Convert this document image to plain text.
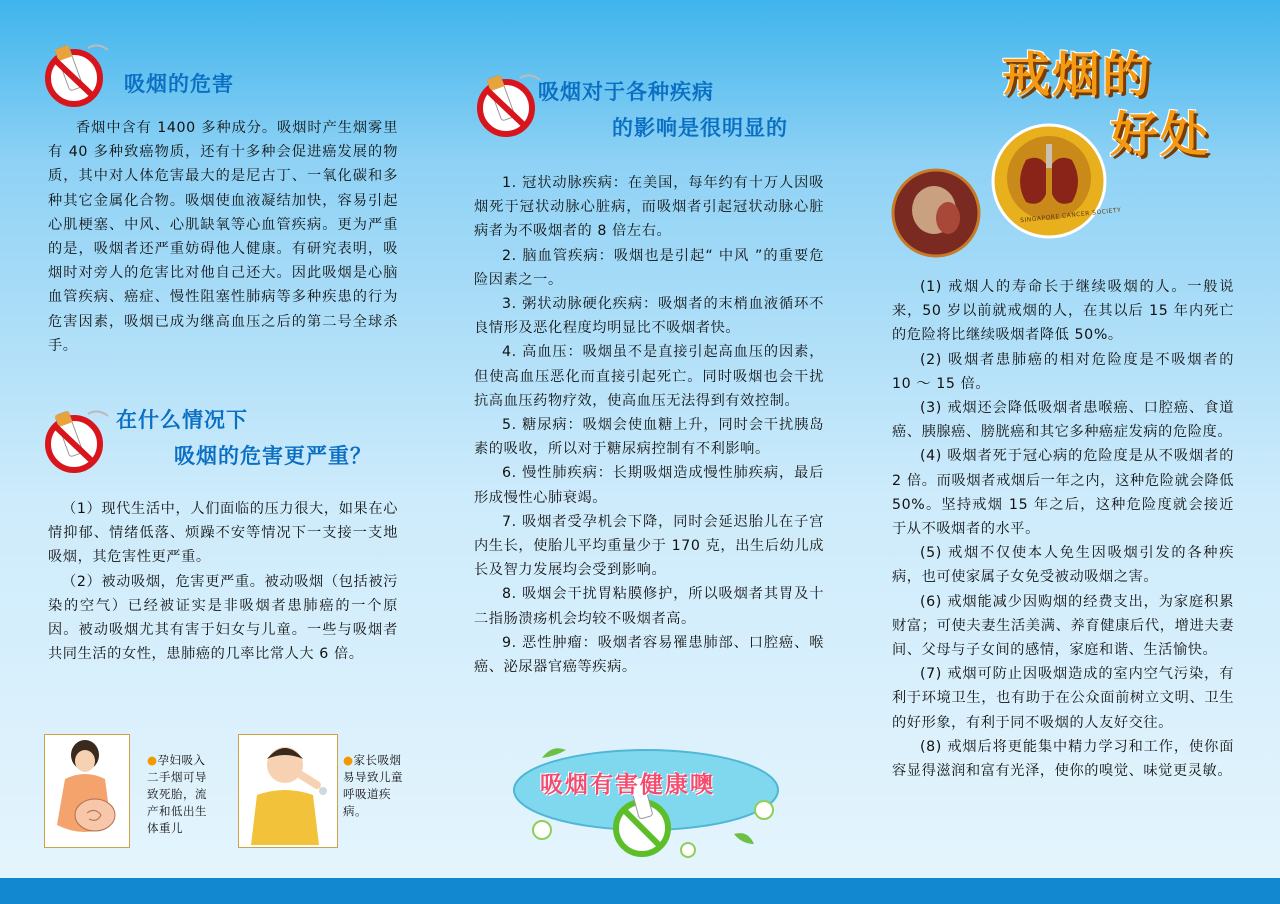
吸烟的危害

香烟中含有 1400 多种成分。吸烟时产生烟雾里有 40 多种致癌物质，还有十多种会促进癌发展的物质，其中对人体危害最大的是尼古丁、一氧化碳和多种其它金属化合物。吸烟使血液凝结加快，容易引起心肌梗塞、中风、心肌缺氧等心血管疾病。更为严重的是，吸烟者还严重妨碍他人健康。有研究表明，吸烟时对旁人的危害比对他自己还大。因此吸烟是心脑血管疾病、癌症、慢性阻塞性肺病等多种疾患的行为危害因素，吸烟已成为继高血压之后的第二号全球杀手。

在什么情况下
吸烟的危害更严重？

（1）现代生活中，人们面临的压力很大，如果在心情抑郁、情绪低落、烦躁不安等情况下一支接一支地吸烟，其危害性更严重。

（2）被动吸烟，危害更严重。被动吸烟（包括被污染的空气）已经被证实是非吸烟者患肺癌的一个原因。被动吸烟尤其有害于妇女与儿童。一些与吸烟者共同生活的女性，患肺癌的几率比常人大 6 倍。

●孕妇吸入二手烟可导致死胎，流产和低出生体重儿
●家长吸烟易导致儿童呼吸道疾病。
吸烟对于各种疾病
的影响是很明显的

1. 冠状动脉疾病：在美国，每年约有十万人因吸烟死于冠状动脉心脏病，而吸烟者引起冠状动脉心脏病者为不吸烟者的 8 倍左右。

2. 脑血管疾病：吸烟也是引起“ 中风 ”的重要危险因素之一。

3. 粥状动脉硬化疾病：吸烟者的末梢血液循环不良情形及恶化程度均明显比不吸烟者快。

4. 高血压：吸烟虽不是直接引起高血压的因素，但使高血压恶化而直接引起死亡。同时吸烟也会干扰抗高血压药物疗效，使高血压无法得到有效控制。

5. 糖尿病：吸烟会使血糖上升，同时会干扰胰岛素的吸收，所以对于糖尿病控制有不利影响。

6. 慢性肺疾病：长期吸烟造成慢性肺疾病，最后形成慢性心肺衰竭。

7. 吸烟者受孕机会下降，同时会延迟胎儿在子宫内生长，使胎儿平均重量少于 170 克，出生后幼儿成长及智力发展均会受到影响。

8. 吸烟会干扰胃粘膜修护，所以吸烟者其胃及十二指肠溃疡机会均较不吸烟者高。

9. 恶性肿瘤：吸烟者容易罹患肺部、口腔癌、喉癌、泌尿器官癌等疾病。

吸烟有害健康噢
戒烟的
好处
SINGAPORE CANCER SOCIETY

(1) 戒烟人的寿命长于继续吸烟的人。一般说来，50 岁以前就戒烟的人，在其以后 15 年内死亡的危险将比继续吸烟者降低 50%。

(2) 吸烟者患肺癌的相对危险度是不吸烟者的 10 ～ 15 倍。

(3) 戒烟还会降低吸烟者患喉癌、口腔癌、食道癌、胰腺癌、膀胱癌和其它多种癌症发病的危险度。

(4) 吸烟者死于冠心病的危险度是从不吸烟者的 2 倍。而吸烟者戒烟后一年之内，这种危险就会降低 50%。坚持戒烟 15 年之后，这种危险度就会接近于从不吸烟者的水平。

(5) 戒烟不仅使本人免生因吸烟引发的各种疾病，也可使家属子女免受被动吸烟之害。

(6) 戒烟能减少因购烟的经费支出，为家庭积累财富；可使夫妻生活美满、养育健康后代，增进夫妻间、父母与子女间的感情，家庭和谐、生活愉快。

(7) 戒烟可防止因吸烟造成的室内空气污染，有利于环境卫生，也有助于在公众面前树立文明、卫生的好形象，有利于同不吸烟的人友好交往。

(8) 戒烟后将更能集中精力学习和工作，使你面容显得滋润和富有光泽，使你的嗅觉、味觉更灵敏。
